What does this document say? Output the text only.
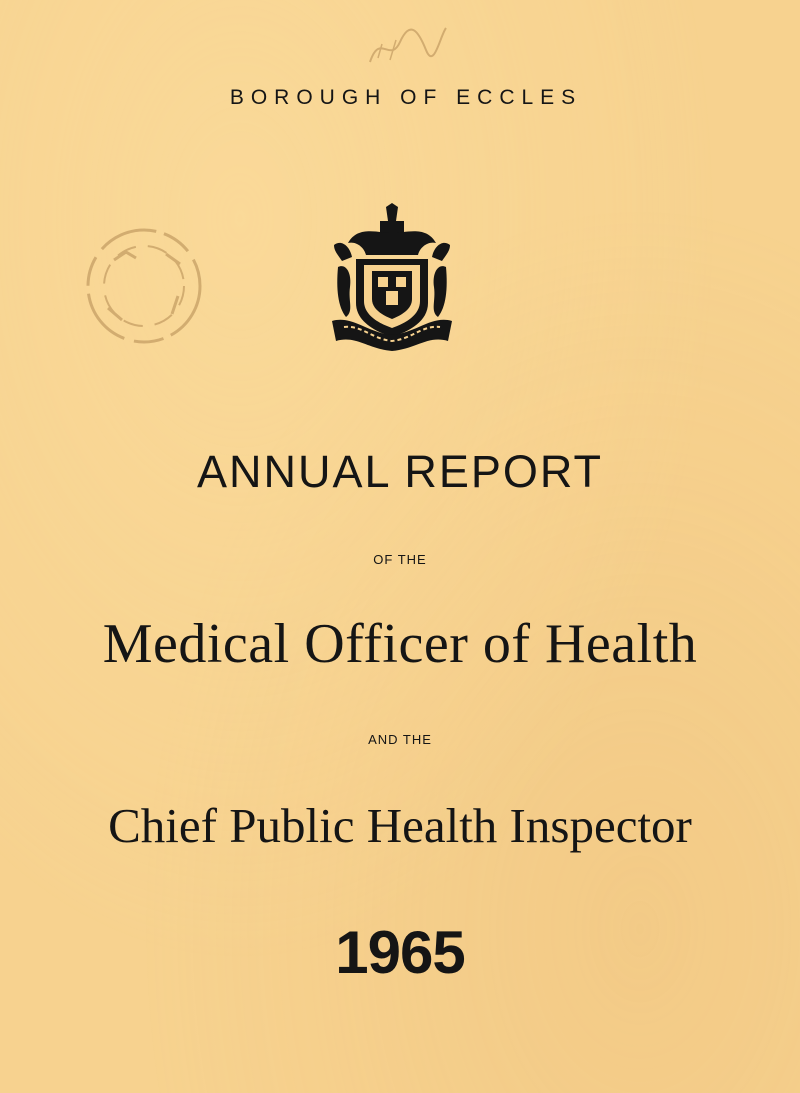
BOROUGH OF ECCLES
ANNUAL REPORT
OF THE
Medical Officer of Health
AND THE
Chief Public Health Inspector
1965
